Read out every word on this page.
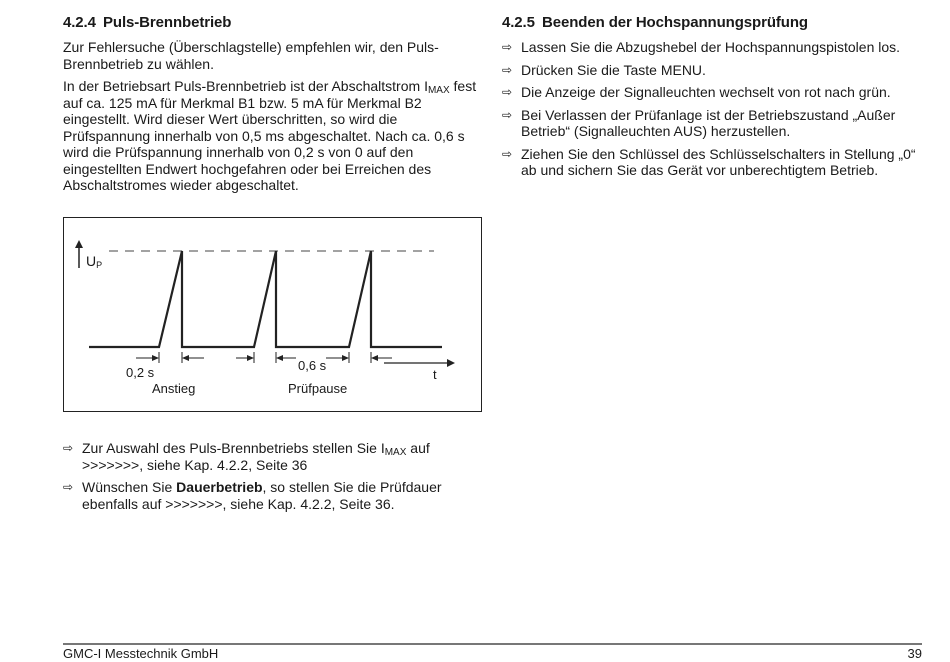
4.2.4 Puls-Brennbetrieb

Zur Fehlersuche (Überschlagstelle) empfehlen wir, den Puls-Brennbetrieb zu wählen.

In der Betriebsart Puls-Brennbetrieb ist der Abschaltstrom $I_{MAX}$ fest auf ca. 125 mA für Merkmal B1 bzw. 5 mA für Merkmal B2 eingestellt. Wird dieser Wert überschritten, so wird die Prüfspannung innerhalb von 0,5 ms abgeschaltet. Nach ca. 0,6 s wird die Prüfspannung innerhalb von 0,2 s von 0 auf den eingestellten Endwert hochgefahren oder bei Erreichen des Abschaltstromes wieder abgeschaltet.

$U_P$
t
0,2 s
Anstieg
0,6 s
Prüfpause
⇨ Zur Auswahl des Puls-Brennbetriebs stellen Sie $I_{MAX}$ auf >>>>>>>, siehe Kap. 4.2.2, Seite 36
⇨ Wünschen Sie Dauerbetrieb, so stellen Sie die Prüfdauer ebenfalls auf >>>>>>>, siehe Kap. 4.2.2, Seite 36.
4.2.5 Beenden der Hochspannungsprüfung
⇨ Lassen Sie die Abzugshebel der Hochspannungspistolen los.
⇨ Drücken Sie die Taste MENU.
⇨ Die Anzeige der Signalleuchten wechselt von rot nach grün.
⇨ Bei Verlassen der Prüfanlage ist der Betriebszustand „Außer Betrieb“ (Signalleuchten AUS) herzustellen.
⇨ Ziehen Sie den Schlüssel des Schlüsselschalters in Stellung „0“ ab und sichern Sie das Gerät vor unberechtigtem Betrieb.
GMC-I Messtechnik GmbH	39
